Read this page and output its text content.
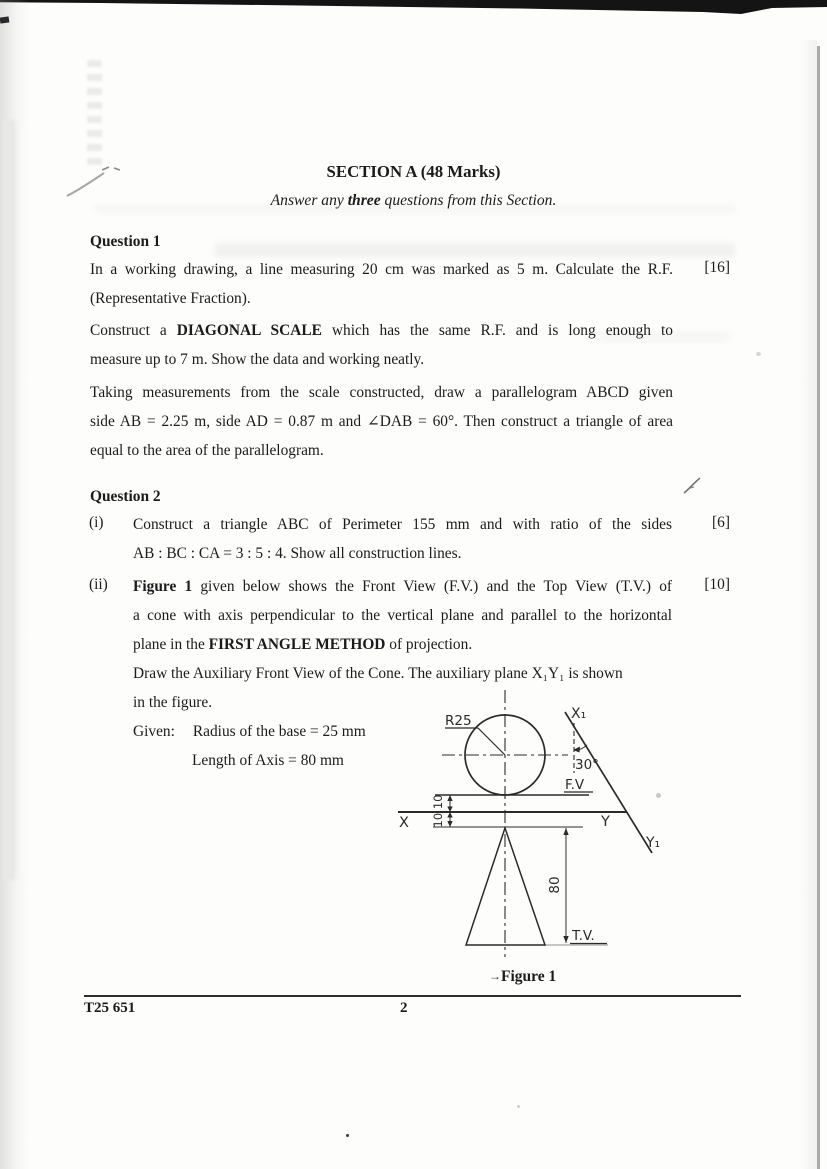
SECTION A (48 Marks)
Answer any three questions from this Section.
Question 1
[16]
In a working drawing, a line measuring 20 cm was marked as 5 m. Calculate the R.F.
(Representative Fraction).
Construct a DIAGONAL SCALE which has the same R.F. and is long enough to
measure up to 7 m. Show the data and working neatly.
Taking measurements from the scale constructed, draw a parallelogram ABCD given
side AB = 2.25 m, side AD = 0.87 m and ∠DAB = 60°. Then construct a triangle of area
equal to the area of the parallelogram.
Question 2
(i)	[6]
Construct a triangle ABC of Perimeter 155 mm and with ratio of the sides
AB : BC : CA = 3 : 5 : 4. Show all construction lines.
(ii)	[10]
Figure 1 given below shows the Front View (F.V.) and the Top View (T.V.) of
a cone with axis perpendicular to the vertical plane and parallel to the horizontal
plane in the FIRST ANGLE METHOD of projection.
Draw the Auxiliary Front View of the Cone. The auxiliary plane X₁Y₁ is shown
in the figure.
Given: Radius of the base = 25 mm
Length of Axis = 80 mm
R25	X₁
Y₁
30°
F.V
X	Y
10 10
80
T.V.
→Figure 1
T25 651	2
